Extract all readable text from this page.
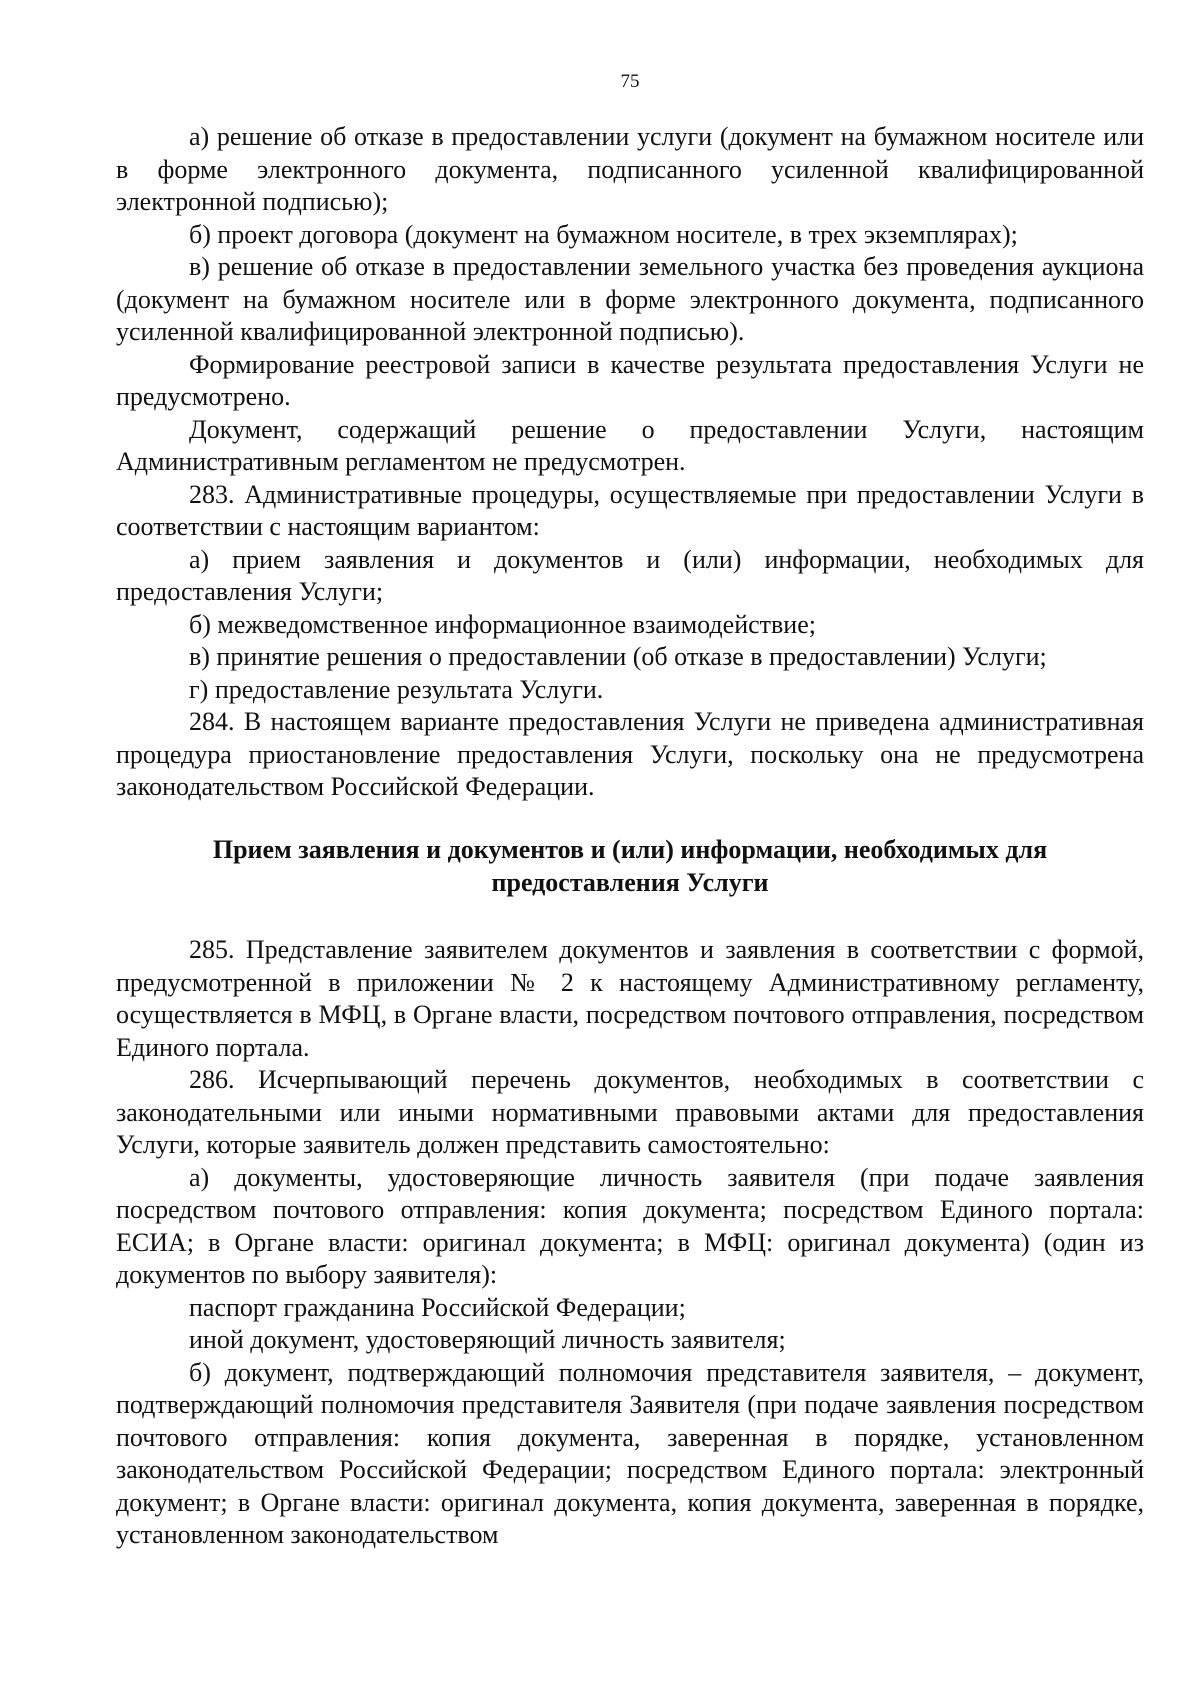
75

а) решение об отказе в предоставлении услуги (документ на бумажном носителе или в форме электронного документа, подписанного усиленной квалифицированной электронной подписью);

б) проект договора (документ на бумажном носителе, в трех экземплярах);

в) решение об отказе в предоставлении земельного участка без проведения аукциона (документ на бумажном носителе или в форме электронного документа, подписанного усиленной квалифицированной электронной подписью).

Формирование реестровой записи в качестве результата предоставления Услуги не предусмотрено.

Документ, содержащий решение о предоставлении Услуги, настоящим Административным регламентом не предусмотрен.

283. Административные процедуры, осуществляемые при предоставлении Услуги в соответствии с настоящим вариантом:

а) прием заявления и документов и (или) информации, необходимых для предоставления Услуги;

б) межведомственное информационное взаимодействие;

в) принятие решения о предоставлении (об отказе в предоставлении) Услуги;

г) предоставление результата Услуги.

284. В настоящем варианте предоставления Услуги не приведена административная процедура приостановление предоставления Услуги, поскольку она не предусмотрена законодательством Российской Федерации.

Прием заявления и документов и (или) информации, необходимых для
предоставления Услуги

285. Представление заявителем документов и заявления в соответствии с формой, предусмотренной в приложении № 2 к настоящему Административному регламенту, осуществляется в МФЦ, в Органе власти, посредством почтового отправления, посредством Единого портала.

286. Исчерпывающий перечень документов, необходимых в соответствии с законодательными или иными нормативными правовыми актами для предоставления Услуги, которые заявитель должен представить самостоятельно:

а) документы, удостоверяющие личность заявителя (при подаче заявления посредством почтового отправления: копия документа; посредством Единого портала: ЕСИА; в Органе власти: оригинал документа; в МФЦ: оригинал документа) (один из документов по выбору заявителя):

паспорт гражданина Российской Федерации;

иной документ, удостоверяющий личность заявителя;

б) документ, подтверждающий полномочия представителя заявителя, – документ, подтверждающий полномочия представителя Заявителя (при подаче заявления посредством почтового отправления: копия документа, заверенная в порядке, установленном законодательством Российской Федерации; посредством Единого портала: электронный документ; в Органе власти: оригинал документа, копия документа, заверенная в порядке, установленном законодательством
